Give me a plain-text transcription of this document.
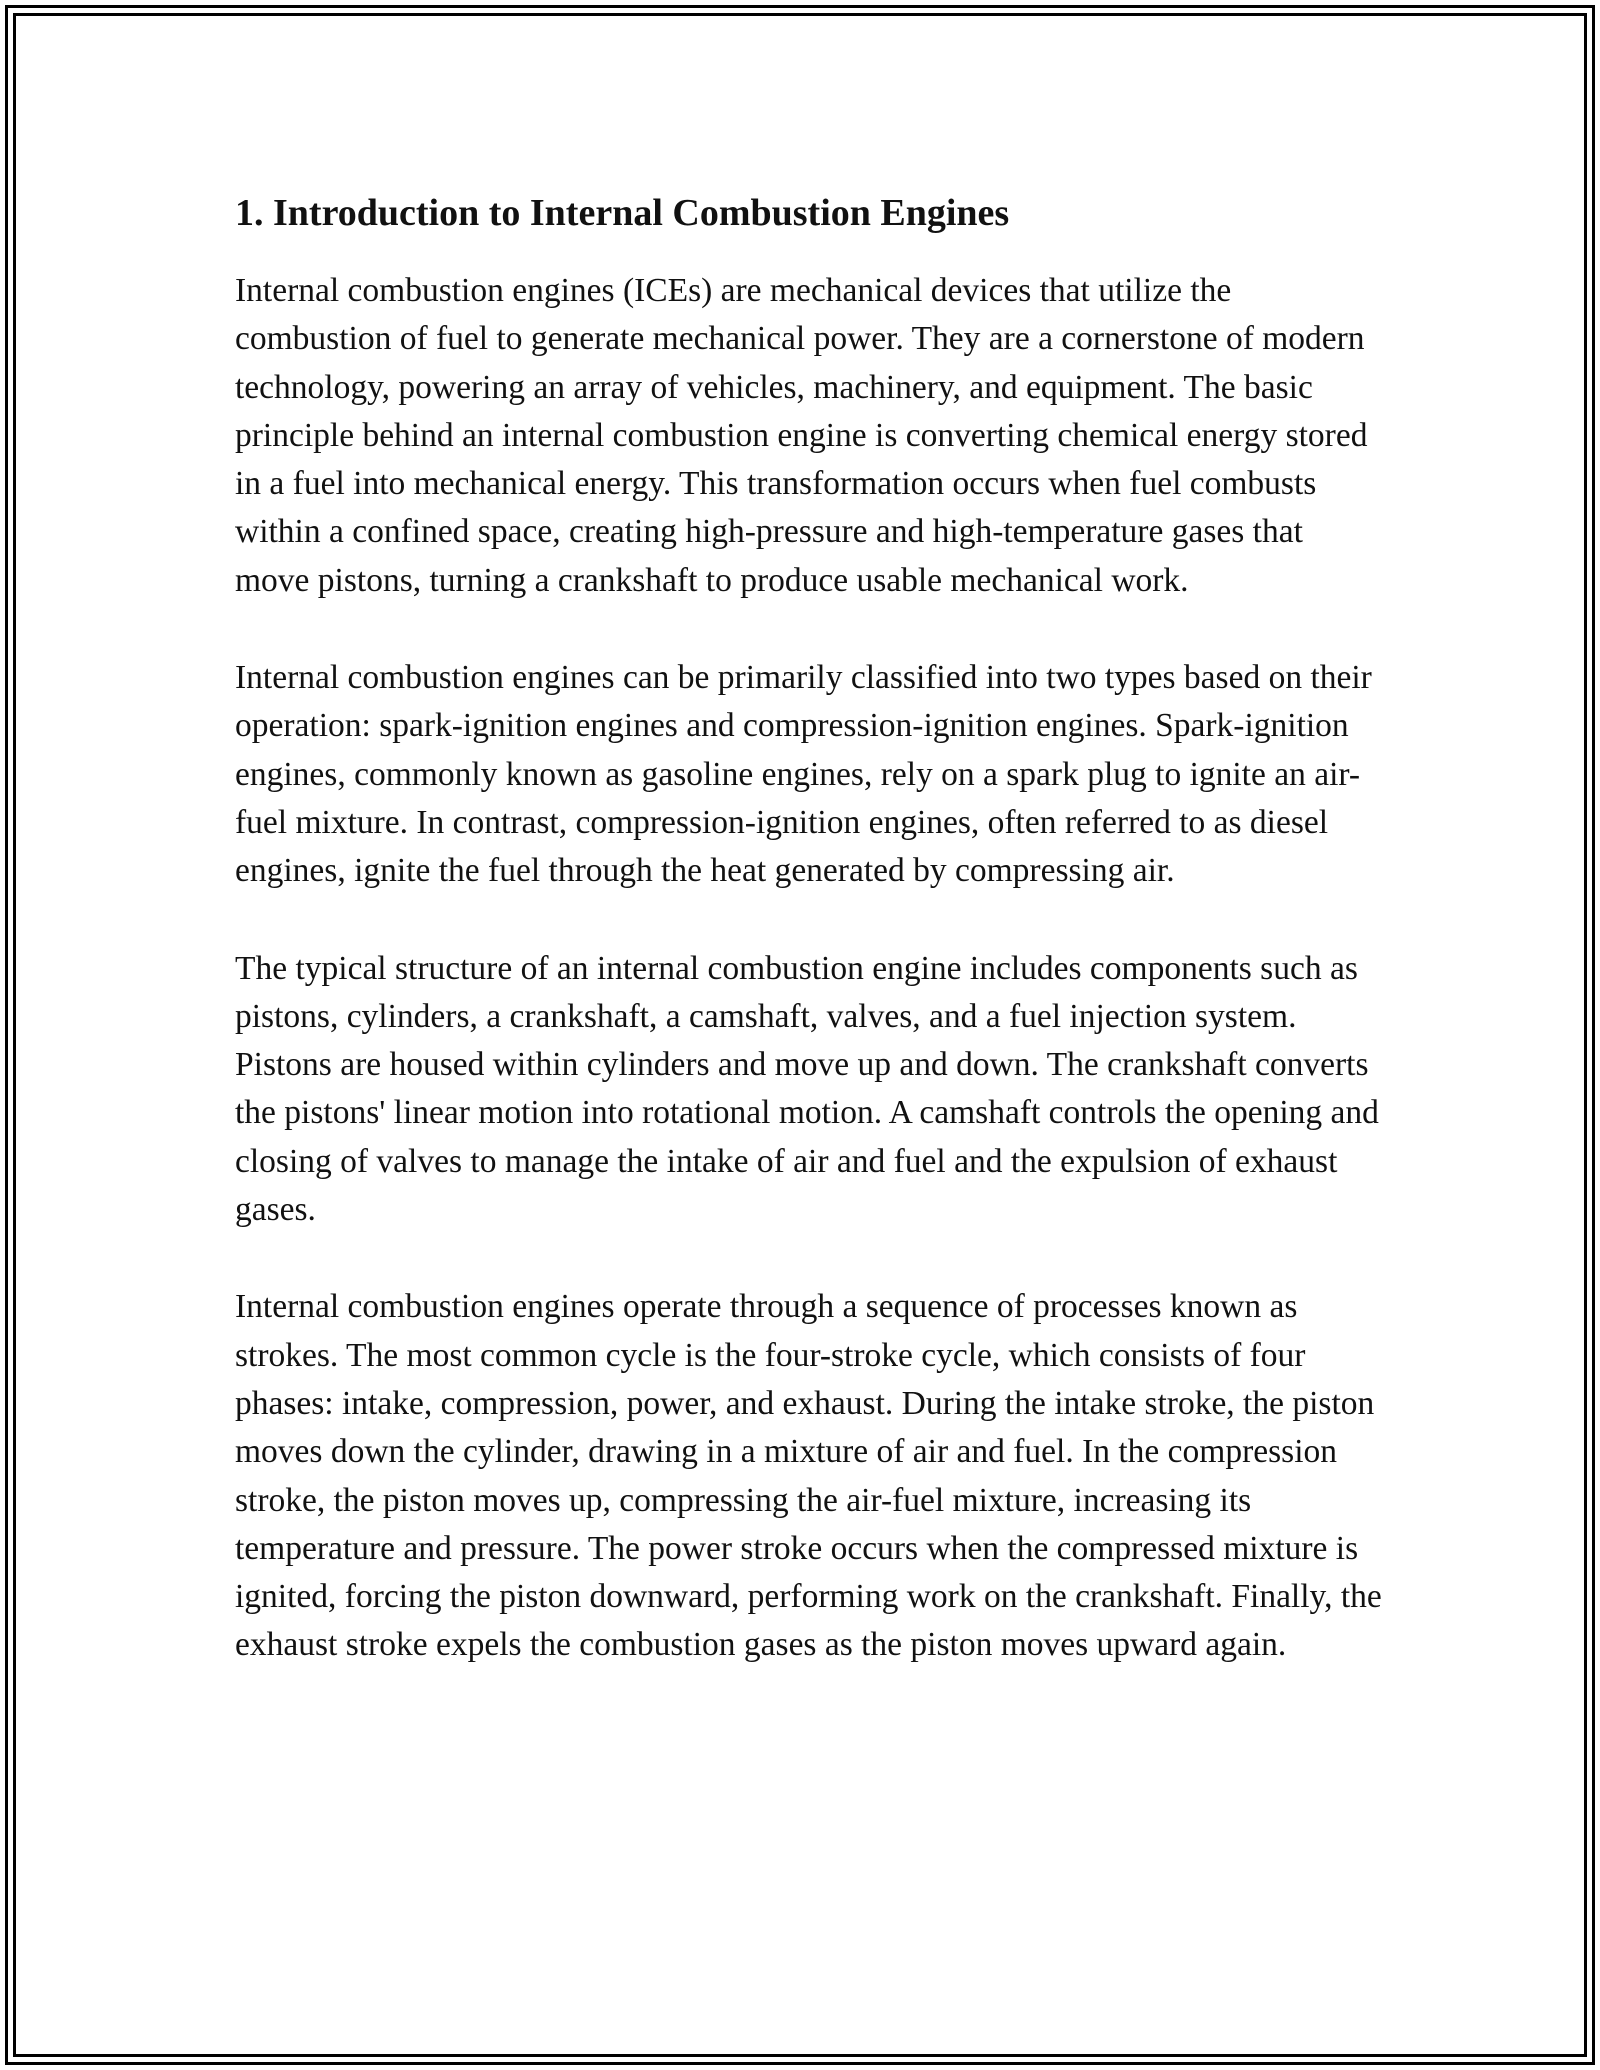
1. Introduction to Internal Combustion Engines

Internal combustion engines (ICEs) are mechanical devices that utilize the combustion of fuel to generate mechanical power. They are a cornerstone of modern technology, powering an array of vehicles, machinery, and equipment. The basic principle behind an internal combustion engine is converting chemical energy stored in a fuel into mechanical energy. This transformation occurs when fuel combusts within a confined space, creating high-pressure and high-temperature gases that move pistons, turning a crankshaft to produce usable mechanical work.

Internal combustion engines can be primarily classified into two types based on their operation: spark-ignition engines and compression-ignition engines. Spark-ignition engines, commonly known as gasoline engines, rely on a spark plug to ignite an air-fuel mixture. In contrast, compression-ignition engines, often referred to as diesel engines, ignite the fuel through the heat generated by compressing air.

The typical structure of an internal combustion engine includes components such as pistons, cylinders, a crankshaft, a camshaft, valves, and a fuel injection system. Pistons are housed within cylinders and move up and down. The crankshaft converts the pistons' linear motion into rotational motion. A camshaft controls the opening and closing of valves to manage the intake of air and fuel and the expulsion of exhaust gases.

Internal combustion engines operate through a sequence of processes known as strokes. The most common cycle is the four-stroke cycle, which consists of four phases: intake, compression, power, and exhaust. During the intake stroke, the piston moves down the cylinder, drawing in a mixture of air and fuel. In the compression stroke, the piston moves up, compressing the air-fuel mixture, increasing its temperature and pressure. The power stroke occurs when the compressed mixture is ignited, forcing the piston downward, performing work on the crankshaft. Finally, the exhaust stroke expels the combustion gases as the piston moves upward again.
